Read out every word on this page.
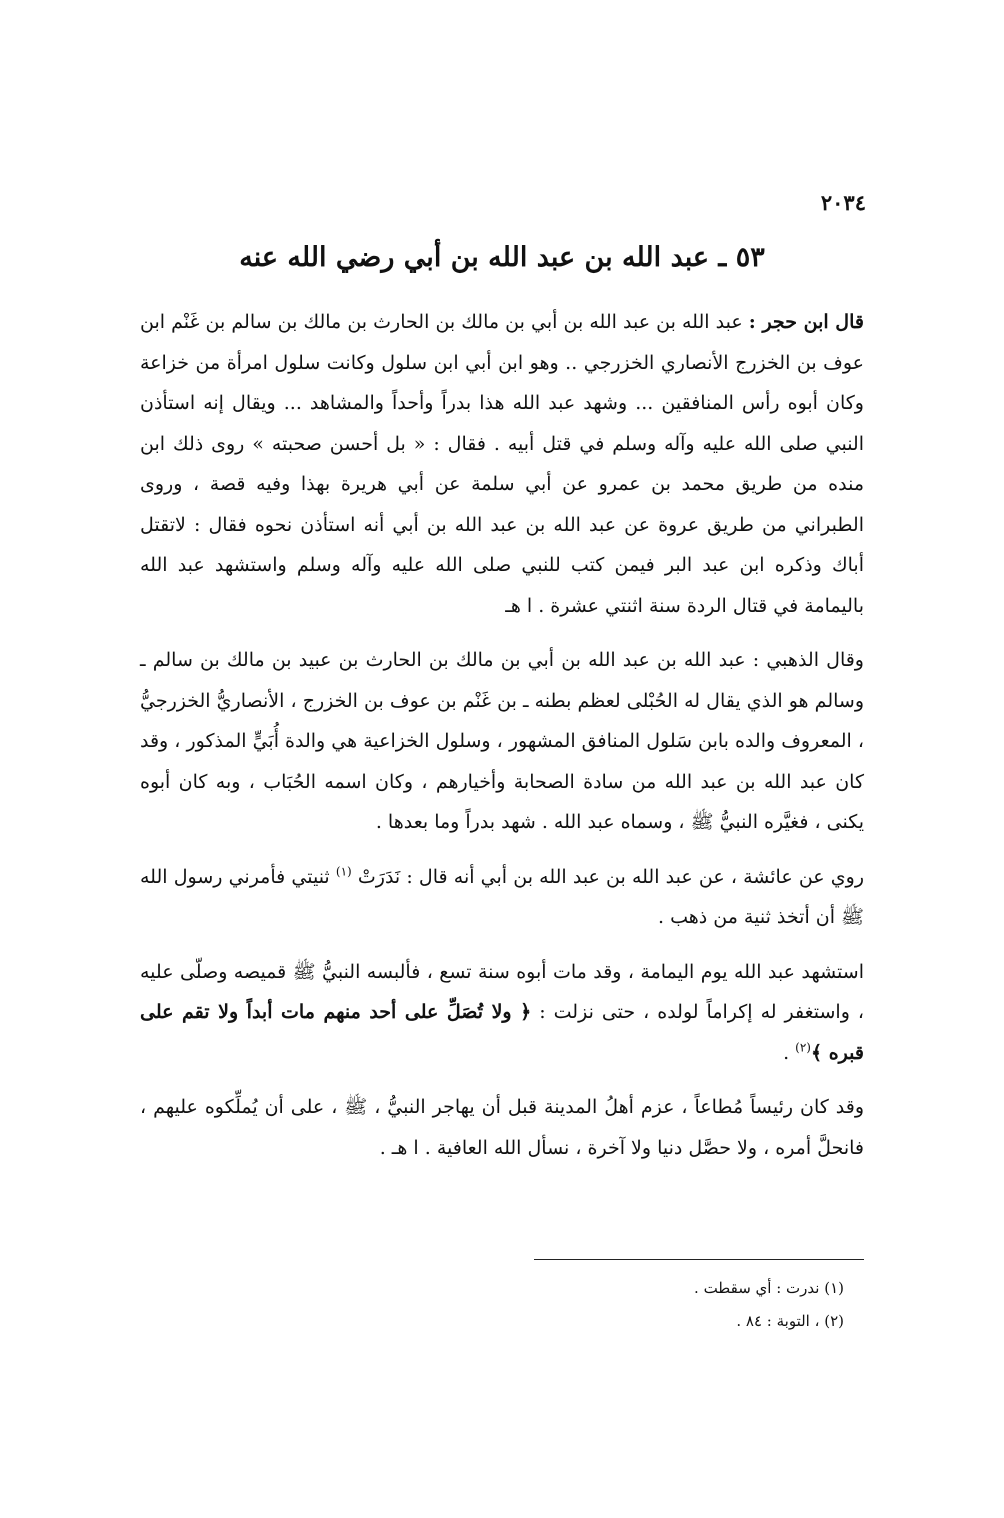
٢٠٣٤
٥٣ ـ عبد الله بن عبد الله بن أبي رضي الله عنه

قال ابن حجر : عبد الله بن عبد الله بن أبي بن مالك بن الحارث بن مالك بن سالم بن غَنْم ابن عوف بن الخزرج الأنصاري الخزرجي .. وهو ابن أبي ابن سلول وكانت سلول امرأة من خزاعة وكان أبوه رأس المنافقين ... وشهد عبد الله هذا بدراً وأحداً والمشاهد ... ويقال إنه استأذن النبي صلى الله عليه وآله وسلم في قتل أبيه . فقال : « بل أحسن صحبته » روى ذلك ابن منده من طريق محمد بن عمرو عن أبي سلمة عن أبي هريرة بهذا وفيه قصة ، وروى الطبراني من طريق عروة عن عبد الله بن عبد الله بن أبي أنه استأذن نحوه فقال : لاتقتل أباك وذكره ابن عبد البر فيمن كتب للنبي صلى الله عليه وآله وسلم واستشهد عبد الله باليمامة في قتال الردة سنة اثنتي عشرة . ا هـ

وقال الذهبي : عبد الله بن عبد الله بن أبي بن مالك بن الحارث بن عبيد بن مالك بن سالم ـ وسالم هو الذي يقال له الحُبْلى لعظم بطنه ـ بن غَنْم بن عوف بن الخزرج ، الأنصاريُّ الخزرجيُّ ، المعروف والده بابن سَلول المنافق المشهور ، وسلول الخزاعية هي والدة أُبَيٍّ المذكور ، وقد كان عبد الله بن عبد الله من سادة الصحابة وأخيارهم ، وكان اسمه الحُبَاب ، وبه كان أبوه يكنى ، فغيَّره النبيُّ ﷺ ، وسماه عبد الله . شهد بدراً وما بعدها .

روي عن عائشة ، عن عبد الله بن عبد الله بن أبي أنه قال : نَدَرَتْ $^{(١)}$ ثنيتي فأمرني رسول الله ﷺ أن أتخذ ثنية من ذهب .

استشهد عبد الله يوم اليمامة ، وقد مات أبوه سنة تسع ، فألبسه النبيُّ ﷺ قميصه وصلّى عليه ، واستغفر له إكراماً لولده ، حتى نزلت : ﴿ ولا تُصَلِّ على أحد منهم مات أبداً ولا تقم على قبره ﴾$^{(٢)}$ .

وقد كان رئيساً مُطاعاً ، عزم أهلُ المدينة قبل أن يهاجر النبيُّ ، ﷺ ، على أن يُملِّكوه عليهم ، فانحلَّ أمره ، ولا حصَّل دنيا ولا آخرة ، نسأل الله العافية . ا هـ .

(١) ندرت : أي سقطت .

(٢) ، التوبة : ٨٤ .
